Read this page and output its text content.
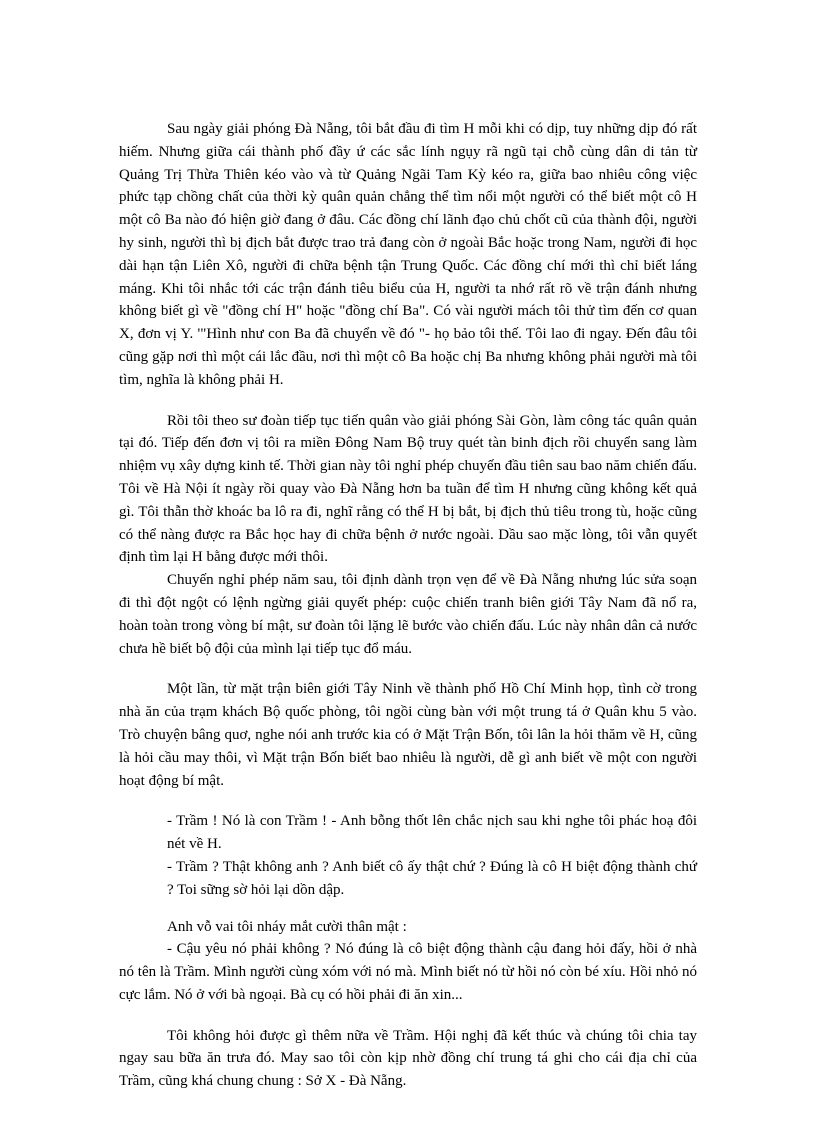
Sau ngày giải phóng Đà Nẵng, tôi bắt đầu đi tìm H mỗi khi có dịp, tuy những dịp đó rất hiếm. Nhưng giữa cái thành phố đầy ứ các sắc lính ngụy rã ngũ tại chỗ cùng dân di tản từ Quảng Trị Thừa Thiên kéo vào và từ Quảng Ngãi Tam Kỳ kéo ra, giữa bao nhiêu công việc phức tạp chồng chất của thời kỳ quân quản chẳng thể tìm nổi một người có thể biết một cô H một cô Ba nào đó hiện giờ đang ở đâu. Các đồng chí lãnh đạo chủ chốt cũ của thành đội, người hy sinh, người thì bị địch bắt được trao trả đang còn ở ngoài Bắc hoặc trong Nam, người đi học dài hạn tận Liên Xô, người đi chữa bệnh tận Trung Quốc. Các đồng chí mới thì chỉ biết láng máng. Khi tôi nhắc tới các trận đánh tiêu biểu của H, người ta nhớ rất rõ về trận đánh nhưng không biết gì về "đồng chí H" hoặc "đồng chí Ba". Có vài người mách tôi thử tìm đến cơ quan X, đơn vị Y. '"Hình như con Ba đã chuyển về đó "- họ bảo tôi thế. Tôi lao đi ngay. Đến đâu tôi cũng gặp nơi thì một cái lắc đầu, nơi thì một cô Ba hoặc chị Ba nhưng không phải người mà tôi tìm, nghĩa là không phải H.

Rồi tôi theo sư đoàn tiếp tục tiến quân vào giải phóng Sài Gòn, làm công tác quân quản tại đó. Tiếp đến đơn vị tôi ra miền Đông Nam Bộ truy quét tàn binh địch rồi chuyển sang làm nhiệm vụ xây dựng kinh tế. Thời gian này tôi nghỉ phép chuyến đầu tiên sau bao năm chiến đấu. Tôi về Hà Nội ít ngày rồi quay vào Đà Nẵng hơn ba tuần để tìm H nhưng cũng không kết quả gì. Tôi thẫn thờ khoác ba lô ra đi, nghĩ rằng có thể H bị bắt, bị địch thủ tiêu trong tù, hoặc cũng có thể nàng được ra Bắc học hay đi chữa bệnh ở nước ngoài. Dầu sao mặc lòng, tôi vẫn quyết định tìm lại H bằng được mới thôi.

Chuyến nghỉ phép năm sau, tôi định dành trọn vẹn để về Đà Nẵng nhưng lúc sửa soạn đi thì đột ngột có lệnh ngừng giải quyết phép: cuộc chiến tranh biên giới Tây Nam đã nổ ra, hoàn toàn trong vòng bí mật, sư đoàn tôi lặng lẽ bước vào chiến đấu. Lúc này nhân dân cả nước chưa hề biết bộ đội của mình lại tiếp tục đổ máu.

Một lần, từ mặt trận biên giới Tây Ninh về thành phố Hồ Chí Minh họp, tình cờ trong nhà ăn của trạm khách Bộ quốc phòng, tôi ngồi cùng bàn với một trung tá ở Quân khu 5 vào. Trò chuyện bâng quơ, nghe nói anh trước kia có ở Mặt Trận Bốn, tôi lân la hỏi thăm về H, cũng là hỏi cầu may thôi, vì Mặt trận Bốn biết bao nhiêu là người, dễ gì anh biết về một con người hoạt động bí mật.

- Trầm ! Nó là con Trầm ! - Anh bỗng thốt lên chắc nịch sau khi nghe tôi phác hoạ đôi nét về H.

- Trầm ? Thật không anh ? Anh biết cô ấy thật chứ ? Đúng là cô H biệt động thành chứ ? Toi sững sờ hỏi lại dồn dập.

Anh vỗ vai tôi nháy mắt cười thân mật :

- Cậu yêu nó phải không ? Nó đúng là cô biệt động thành cậu đang hỏi đấy, hồi ở nhà nó tên là Trầm. Mình người cùng xóm với nó mà. Mình biết nó từ hồi nó còn bé xíu. Hồi nhỏ nó cực lắm. Nó ở với bà ngoại. Bà cụ có hồi phải đi ăn xin...

Tôi không hỏi được gì thêm nữa về Trầm. Hội nghị đã kết thúc và chúng tôi chia tay ngay sau bữa ăn trưa đó. May sao tôi còn kịp nhờ đồng chí trung tá ghi cho cái địa chỉ của Trầm, cũng khá chung chung : Sở X - Đà Nẵng.
